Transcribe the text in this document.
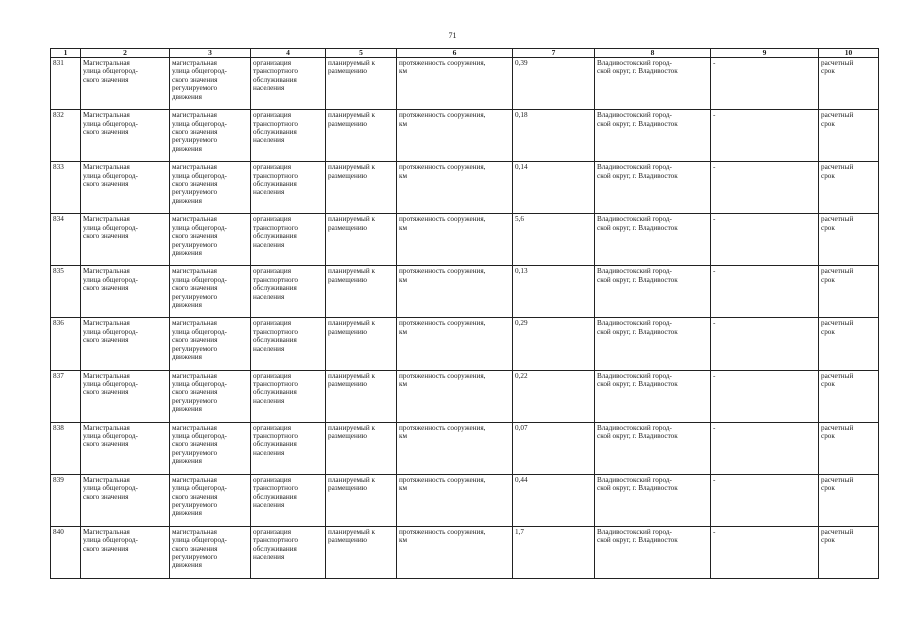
71
1	2	3	4	5	6	7	8	9	10

831	Магистральная
улица общегород-
ского значения	магистральная
улица общегород-
ского значения
регулируемого
движения	организация
транспортного
обслуживания
населения	планируемый к
размещению	протяженность сооружения,
км	0,39	Владивостокский город-
ской округ, г. Владивосток	-	расчетный
срок

832	Магистральная
улица общегород-
ского значения	магистральная
улица общегород-
ского значения
регулируемого
движения	организация
транспортного
обслуживания
населения	планируемый к
размещению	протяженность сооружения,
км	0,18	Владивостокский город-
ской округ, г. Владивосток	-	расчетный
срок

833	Магистральная
улица общегород-
ского значения	магистральная
улица общегород-
ского значения
регулируемого
движения	организация
транспортного
обслуживания
населения	планируемый к
размещению	протяженность сооружения,
км	0,14	Владивостокский город-
ской округ, г. Владивосток	-	расчетный
срок

834	Магистральная
улица общегород-
ского значения	магистральная
улица общегород-
ского значения
регулируемого
движения	организация
транспортного
обслуживания
населения	планируемый к
размещению	протяженность сооружения,
км	5,6	Владивостокский город-
ской округ, г. Владивосток	-	расчетный
срок

835	Магистральная
улица общегород-
ского значения	магистральная
улица общегород-
ского значения
регулируемого
движения	организация
транспортного
обслуживания
населения	планируемый к
размещению	протяженность сооружения,
км	0,13	Владивостокский город-
ской округ, г. Владивосток	-	расчетный
срок

836	Магистральная
улица общегород-
ского значения	магистральная
улица общегород-
ского значения
регулируемого
движения	организация
транспортного
обслуживания
населения	планируемый к
размещению	протяженность сооружения,
км	0,29	Владивостокский город-
ской округ, г. Владивосток	-	расчетный
срок

837	Магистральная
улица общегород-
ского значения	магистральная
улица общегород-
ского значения
регулируемого
движения	организация
транспортного
обслуживания
населения	планируемый к
размещению	протяженность сооружения,
км	0,22	Владивостокский город-
ской округ, г. Владивосток	-	расчетный
срок

838	Магистральная
улица общегород-
ского значения	магистральная
улица общегород-
ского значения
регулируемого
движения	организация
транспортного
обслуживания
населения	планируемый к
размещению	протяженность сооружения,
км	0,07	Владивостокский город-
ской округ, г. Владивосток	-	расчетный
срок

839	Магистральная
улица общегород-
ского значения	магистральная
улица общегород-
ского значения
регулируемого
движения	организация
транспортного
обслуживания
населения	планируемый к
размещению	протяженность сооружения,
км	0,44	Владивостокский город-
ской округ, г. Владивосток	-	расчетный
срок

840	Магистральная
улица общегород-
ского значения	магистральная
улица общегород-
ского значения
регулируемого
движения	организация
транспортного
обслуживания
населения	планируемый к
размещению	протяженность сооружения,
км	1,7	Владивостокский город-
ской округ, г. Владивосток	-	расчетный
срок
